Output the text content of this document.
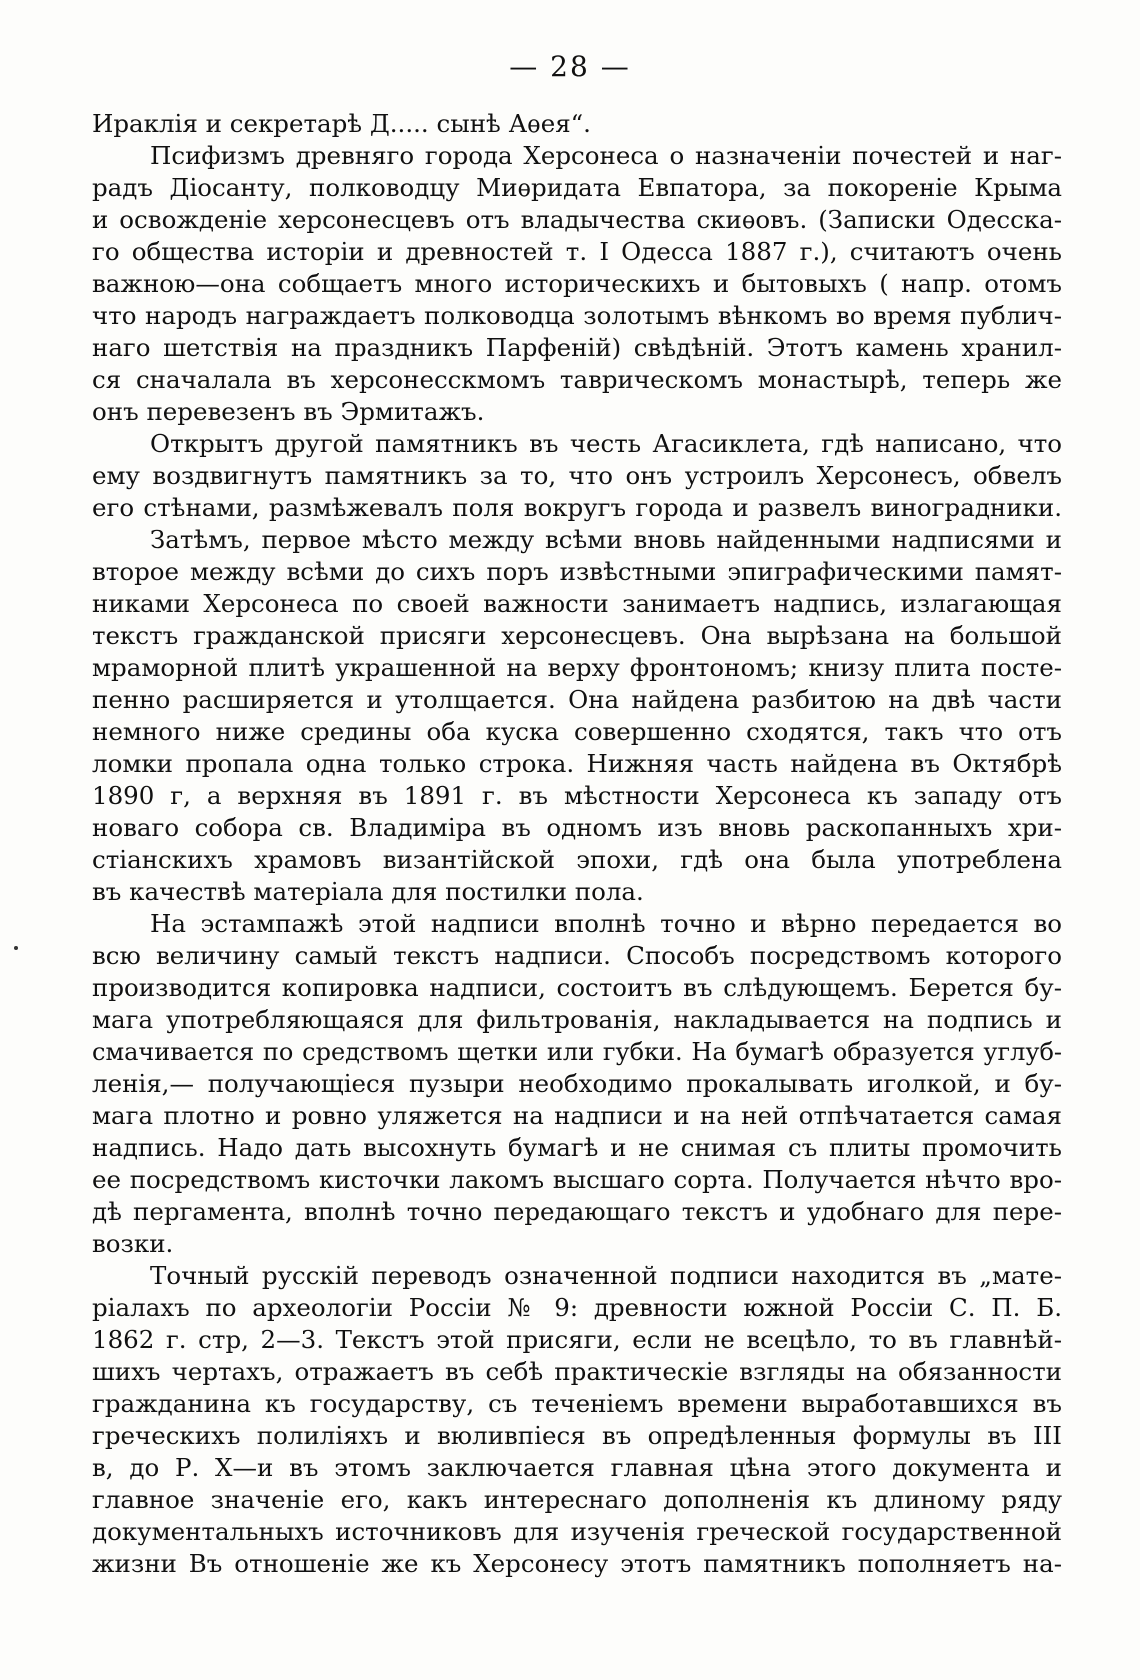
— 28 —

Ираклія и секретарѣ Д..... сынѣ Аѳея“.
Псифизмъ древняго города Херсонеса о назначеніи почестей и наг-
радъ Діосанту, полководцу Миѳридата Евпатора, за покореніе Крыма
и освожденіе херсонесцевъ отъ владычества скиѳовъ. (Записки Одесска-
го общества исторіи и древностей т. I Одесса 1887 г.), считаютъ очень
важною—она собщаетъ много историческихъ и бытовыхъ ( напр. отомъ
что народъ награждаетъ полководца золотымъ вѣнкомъ во время публич-
наго шетствія на праздникъ Парфеній) свѣдѣній. Этотъ камень хранил-
ся сначалала въ херсонесскмомъ таврическомъ монастырѣ, теперь же
онъ перевезенъ въ Эрмитажъ.
Открытъ другой памятникъ въ честь Агасиклета, гдѣ написано, что
ему воздвигнутъ памятникъ за то, что онъ устроилъ Херсонесъ, обвелъ
его стѣнами, размѣжевалъ поля вокругъ города и развелъ виноградники.
Затѣмъ, первое мѣсто между всѣми вновь найденными надписями и
второе между всѣми до сихъ поръ извѣстными эпиграфическими памят-
никами Херсонеса по своей важности занимаетъ надпись, излагающая
текстъ гражданской присяги херсонесцевъ. Она вырѣзана на большой
мраморной плитѣ украшенной на верху фронтономъ; книзу плита посте-
пенно расширяется и утолщается. Она найдена разбитою на двѣ части
немного ниже средины оба куска совершенно сходятся, такъ что отъ
ломки пропала одна только строка. Нижняя часть найдена въ Октябрѣ
1890 г, а верхняя въ 1891 г. въ мѣстности Херсонеса къ западу отъ
новаго собора св. Владиміра въ одномъ изъ вновь раскопанныхъ хри-
стіанскихъ храмовъ византійской эпохи, гдѣ она была употреблена
въ качествѣ матеріала для постилки пола.
На эстампажѣ этой надписи вполнѣ точно и вѣрно передается во
всю величину самый текстъ надписи. Способъ посредствомъ которого
производится копировка надписи, состоитъ въ слѣдующемъ. Берется бу-
мага употребляющаяся для фильтрованія, накладывается на подпись и
смачивается по средствомъ щетки или губки. На бумагѣ образуется углуб-
ленія,— получающіеся пузыри необходимо прокалывать иголкой, и бу-
мага плотно и ровно уляжется на надписи и на ней отпѣчатается самая
надпись. Надо дать высохнуть бумагѣ и не снимая съ плиты промочить
ее посредствомъ кисточки лакомъ высшаго сорта. Получается нѣчто вро-
дѣ пергамента, вполнѣ точно передающаго текстъ и удобнаго для пере-
возки.
Точный русскій переводъ означенной подписи находится въ „мате-
ріалахъ по археологіи Россіи № 9: древности южной Россіи С. П. Б.
1862 г. стр, 2—3. Текстъ этой присяги, если не всецѣло, то въ главнѣй-
шихъ чертахъ, отражаетъ въ себѣ практическіе взгляды на обязанности
гражданина къ государству, съ теченіемъ времени выработавшихся въ
греческихъ полиліяхъ и вюливпіеся въ опредѣленныя формулы въ III
в, до Р. Х—и въ этомъ заключается главная цѣна этого документа и
главное значеніе его, какъ интереснаго дополненія къ длиному ряду
документальныхъ источниковъ для изученія греческой государственной
жизни Въ отношеніе же къ Херсонесу этотъ памятникъ пополняетъ на-
